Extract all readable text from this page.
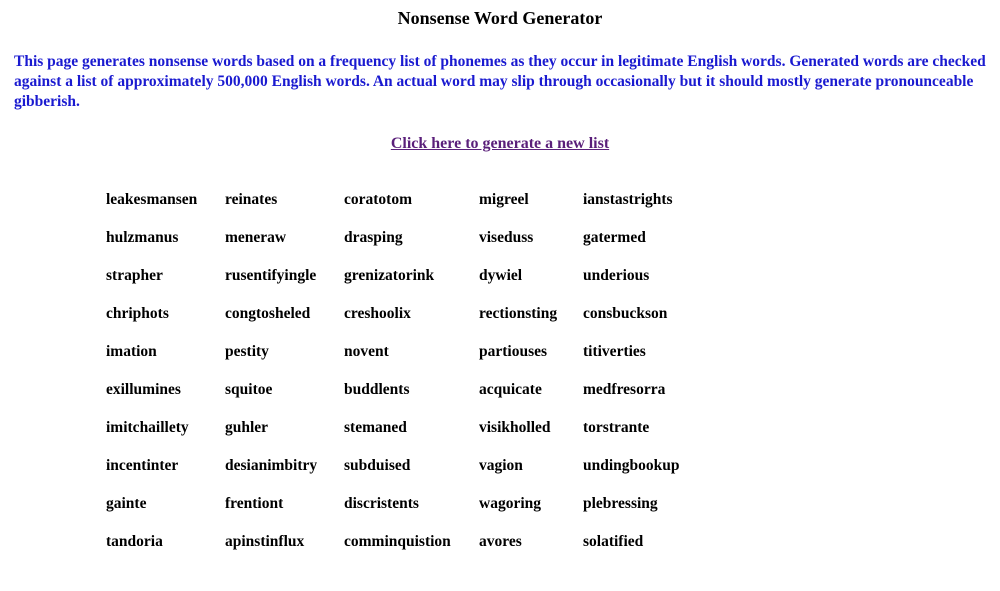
Nonsense Word Generator

This page generates nonsense words based on a frequency list of phonemes as they occur in legitimate English words. Generated words are checked against a list of approximately 500,000 English words. An actual word may slip through occasionally but it should mostly generate pronounceable gibberish.

Click here to generate a new list
leakesmansen	reinates	coratotom	migreel	ianstastrights
hulzmanus	meneraw	drasping	viseduss	gatermed
strapher	rusentifyingle	grenizatorink	dywiel	underious
chriphots	congtosheled	creshoolix	rectionsting	consbuckson
imation	pestity	novent	partiouses	titiverties
exillumines	squitoe	buddlents	acquicate	medfresorra
imitchaillety	guhler	stemaned	visikholled	torstrante
incentinter	desianimbitry	subduised	vagion	undingbookup
gainte	frentiont	discristents	wagoring	plebressing
tandoria	apinstinflux	comminquistion	avores	solatified
